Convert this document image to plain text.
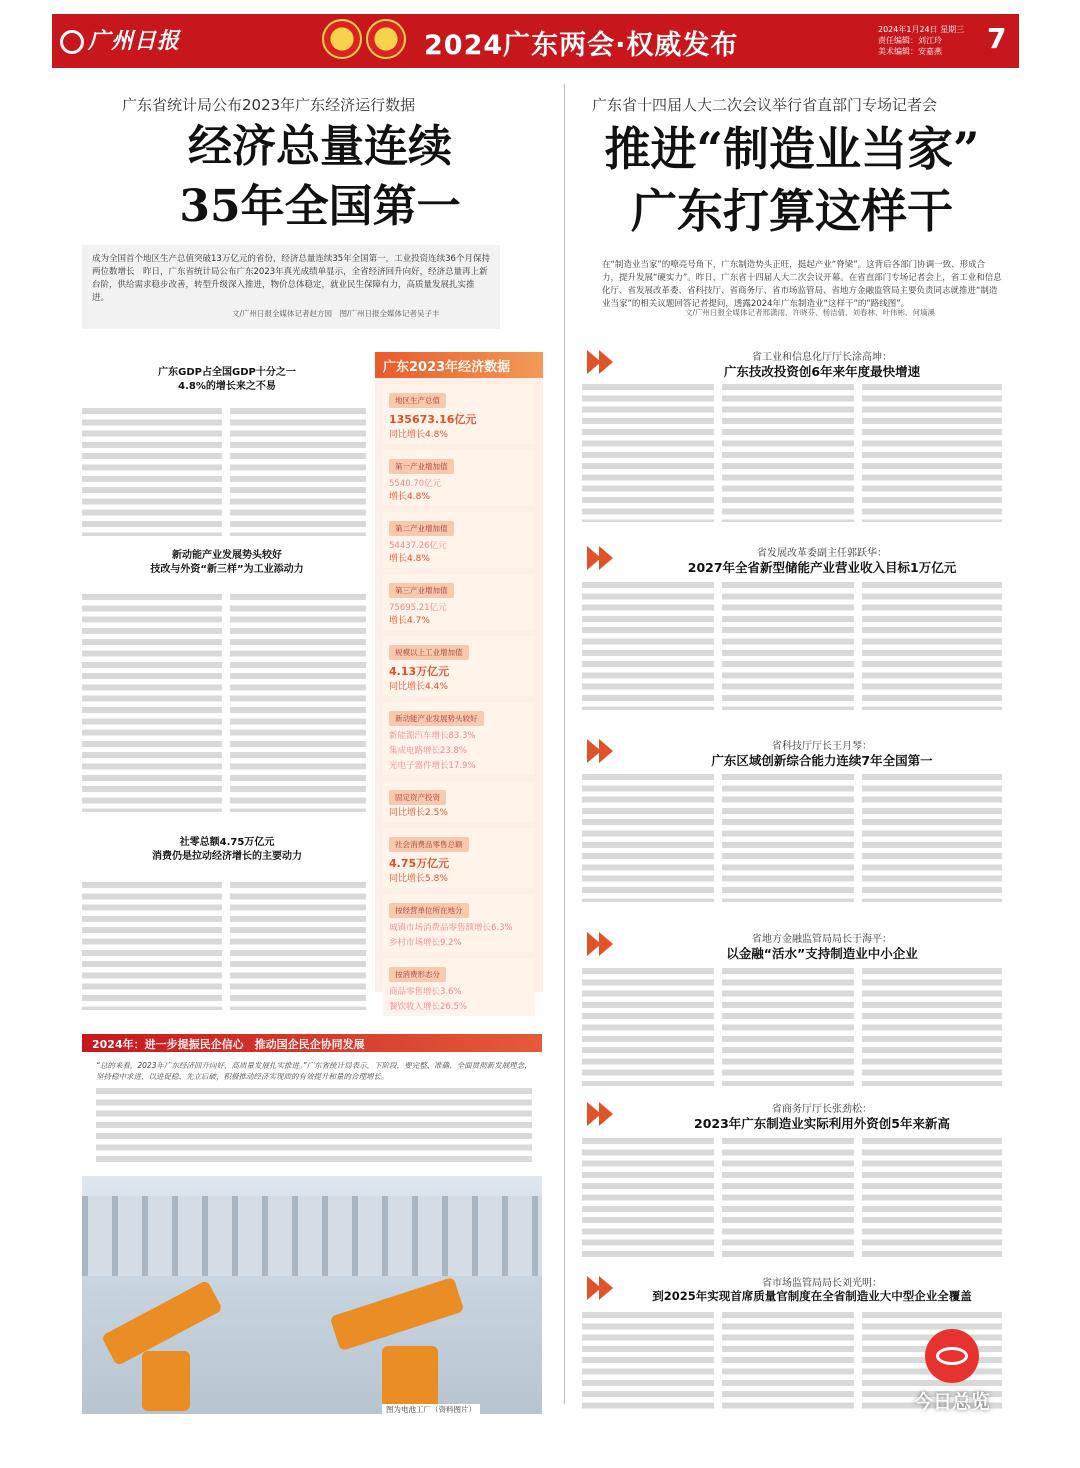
广州日报	2024广东两会·权威发布
2024年1月24日 星期三
责任编辑：刘江玲
美术编辑：安嘉燕	7
广东省统计局公布2023年广东经济运行数据
经济总量连续
35年全国第一
成为全国首个地区生产总值突破13万亿元的省份，经济总量连续35年全国第一，工业投资连续36个月保持两位数增长　昨日，广东省统计局公布广东2023年真光成绩单显示，全省经济回升向好，经济总量再上新台阶，供给需求稳步改善，转型升级深入推进，物价总体稳定，就业民生保障有力，高质量发展扎实推进。
文/广州日报全媒体记者赵方园　图/广州日报全媒体记者吴子丰
广东GDP占全国GDP十分之一
4.8%的增长来之不易
新动能产业发展势头较好
技改与外资“新三样”为工业添动力
社零总额4.75万亿元
消费仍是拉动经济增长的主要动力
广东2023年经济数据
地区生产总值
135673.16亿元
同比增长4.8%
第一产业增加值
5540.70亿元
增长4.8%
第二产业增加值
54437.26亿元
增长4.8%
第三产业增加值
75695.21亿元
增长4.7%
规模以上工业增加值
4.13万亿元
同比增长4.4%
新动能产业发展势头较好
新能源汽车增长83.3%
集成电路增长23.8%
光电子器件增长17.9%
固定资产投资
同比增长2.5%
社会消费品零售总额
4.75万亿元
同比增长5.8%
按经营单位所在地分
城镇市场消费品零售额增长6.3%
乡村市场增长9.2%
按消费形态分
商品零售增长3.6%
餐饮收入增长26.5%
2024年：进一步提振民企信心　推动国企民企协同发展
“总的来看，2023年广东经济回升向好，高质量发展扎实推进。”广东省统计局表示，下阶段，要完整、准确、全面贯彻新发展理念，坚持稳中求进、以进促稳、先立后破，积极推动经济实现质的有效提升和量的合理增长。
图为电池工厂（资料图片）
广东省十四届人大二次会议举行省直部门专场记者会
推进“制造业当家”
广东打算这样干
在“制造业当家”的嘹亮号角下，广东制造势头正旺，挺起产业“脊梁”。这背后各部门协调一致、形成合力，提升发展“硬实力”。昨日，广东省十四届人大二次会议开幕。在省直部门专场记者会上，省工业和信息化厅、省发展改革委、省科技厅、省商务厅、省市场监管局、省地方金融监管局主要负责同志就推进“制造业当家”的相关议题回答记者提问，透露2024年广东制造业“这样干”的“路线图”。
文/广州日报全媒体记者邢潇雨、许晓芬、杨洁倩、刘春林、叶伟彬、何墒溪
省工业和信息化厅厅长涂高坤：
广东技改投资创6年来年度最快增速
省发展改革委副主任郭跃华：
2027年全省新型储能产业营业收入目标1万亿元
省科技厅厅长王月琴：
广东区域创新综合能力连续7年全国第一
省地方金融监管局局长于海平：
以金融“活水”支持制造业中小企业
省商务厅厅长张劲松：
2023年广东制造业实际利用外资创5年来新高
省市场监管局局长刘光明：
到2025年实现首席质量官制度在全省制造业大中型企业全覆盖
今日总览
